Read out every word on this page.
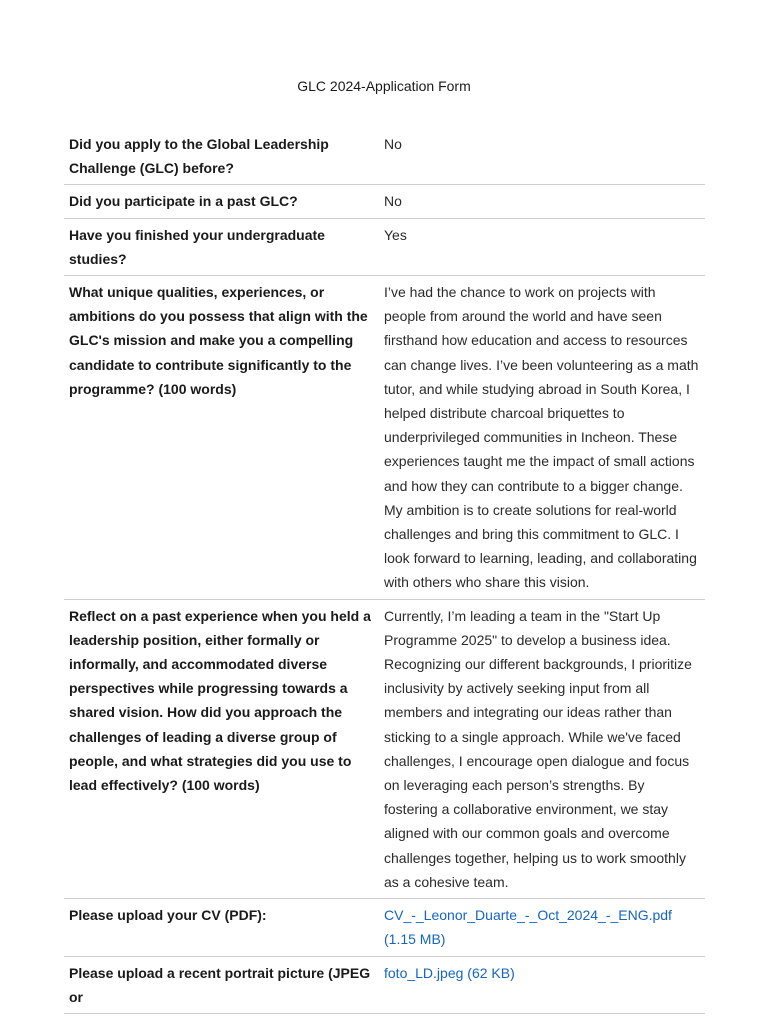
GLC 2024-Application Form
Did you apply to the Global Leadership Challenge (GLC) before?
No
Did you participate in a past GLC?	No
Have you finished your undergraduate studies?
Yes
What unique qualities, experiences, or ambitions do you possess that align with the GLC's mission and make you a compelling candidate to contribute significantly to the programme? (100 words)
I’ve had the chance to work on projects with people from around the world and have seen firsthand how education and access to resources can change lives. I’ve been volunteering as a math tutor, and while studying abroad in South Korea, I helped distribute charcoal briquettes to underprivileged communities in Incheon. These experiences taught me the impact of small actions and how they can contribute to a bigger change. My ambition is to create solutions for real-world challenges and bring this commitment to GLC. I look forward to learning, leading, and collaborating with others who share this vision.
Reflect on a past experience when you held a leadership position, either formally or informally, and accommodated diverse perspectives while progressing towards a shared vision. How did you approach the challenges of leading a diverse group of people, and what strategies did you use to lead effectively? (100 words)
Currently, I’m leading a team in the "Start Up Programme 2025" to develop a business idea. Recognizing our different backgrounds, I prioritize inclusivity by actively seeking input from all members and integrating our ideas rather than sticking to a single approach. While we've faced challenges, I encourage open dialogue and focus on leveraging each person’s strengths. By fostering a collaborative environment, we stay aligned with our common goals and overcome challenges together, helping us to work smoothly as a cohesive team.
Please upload your CV (PDF):	CV_-_Leonor_Duarte_-_Oct_2024_-_ENG.pdf (1.15 MB)
Please upload a recent portrait picture (JPEG or
foto_LD.jpeg (62 KB)
